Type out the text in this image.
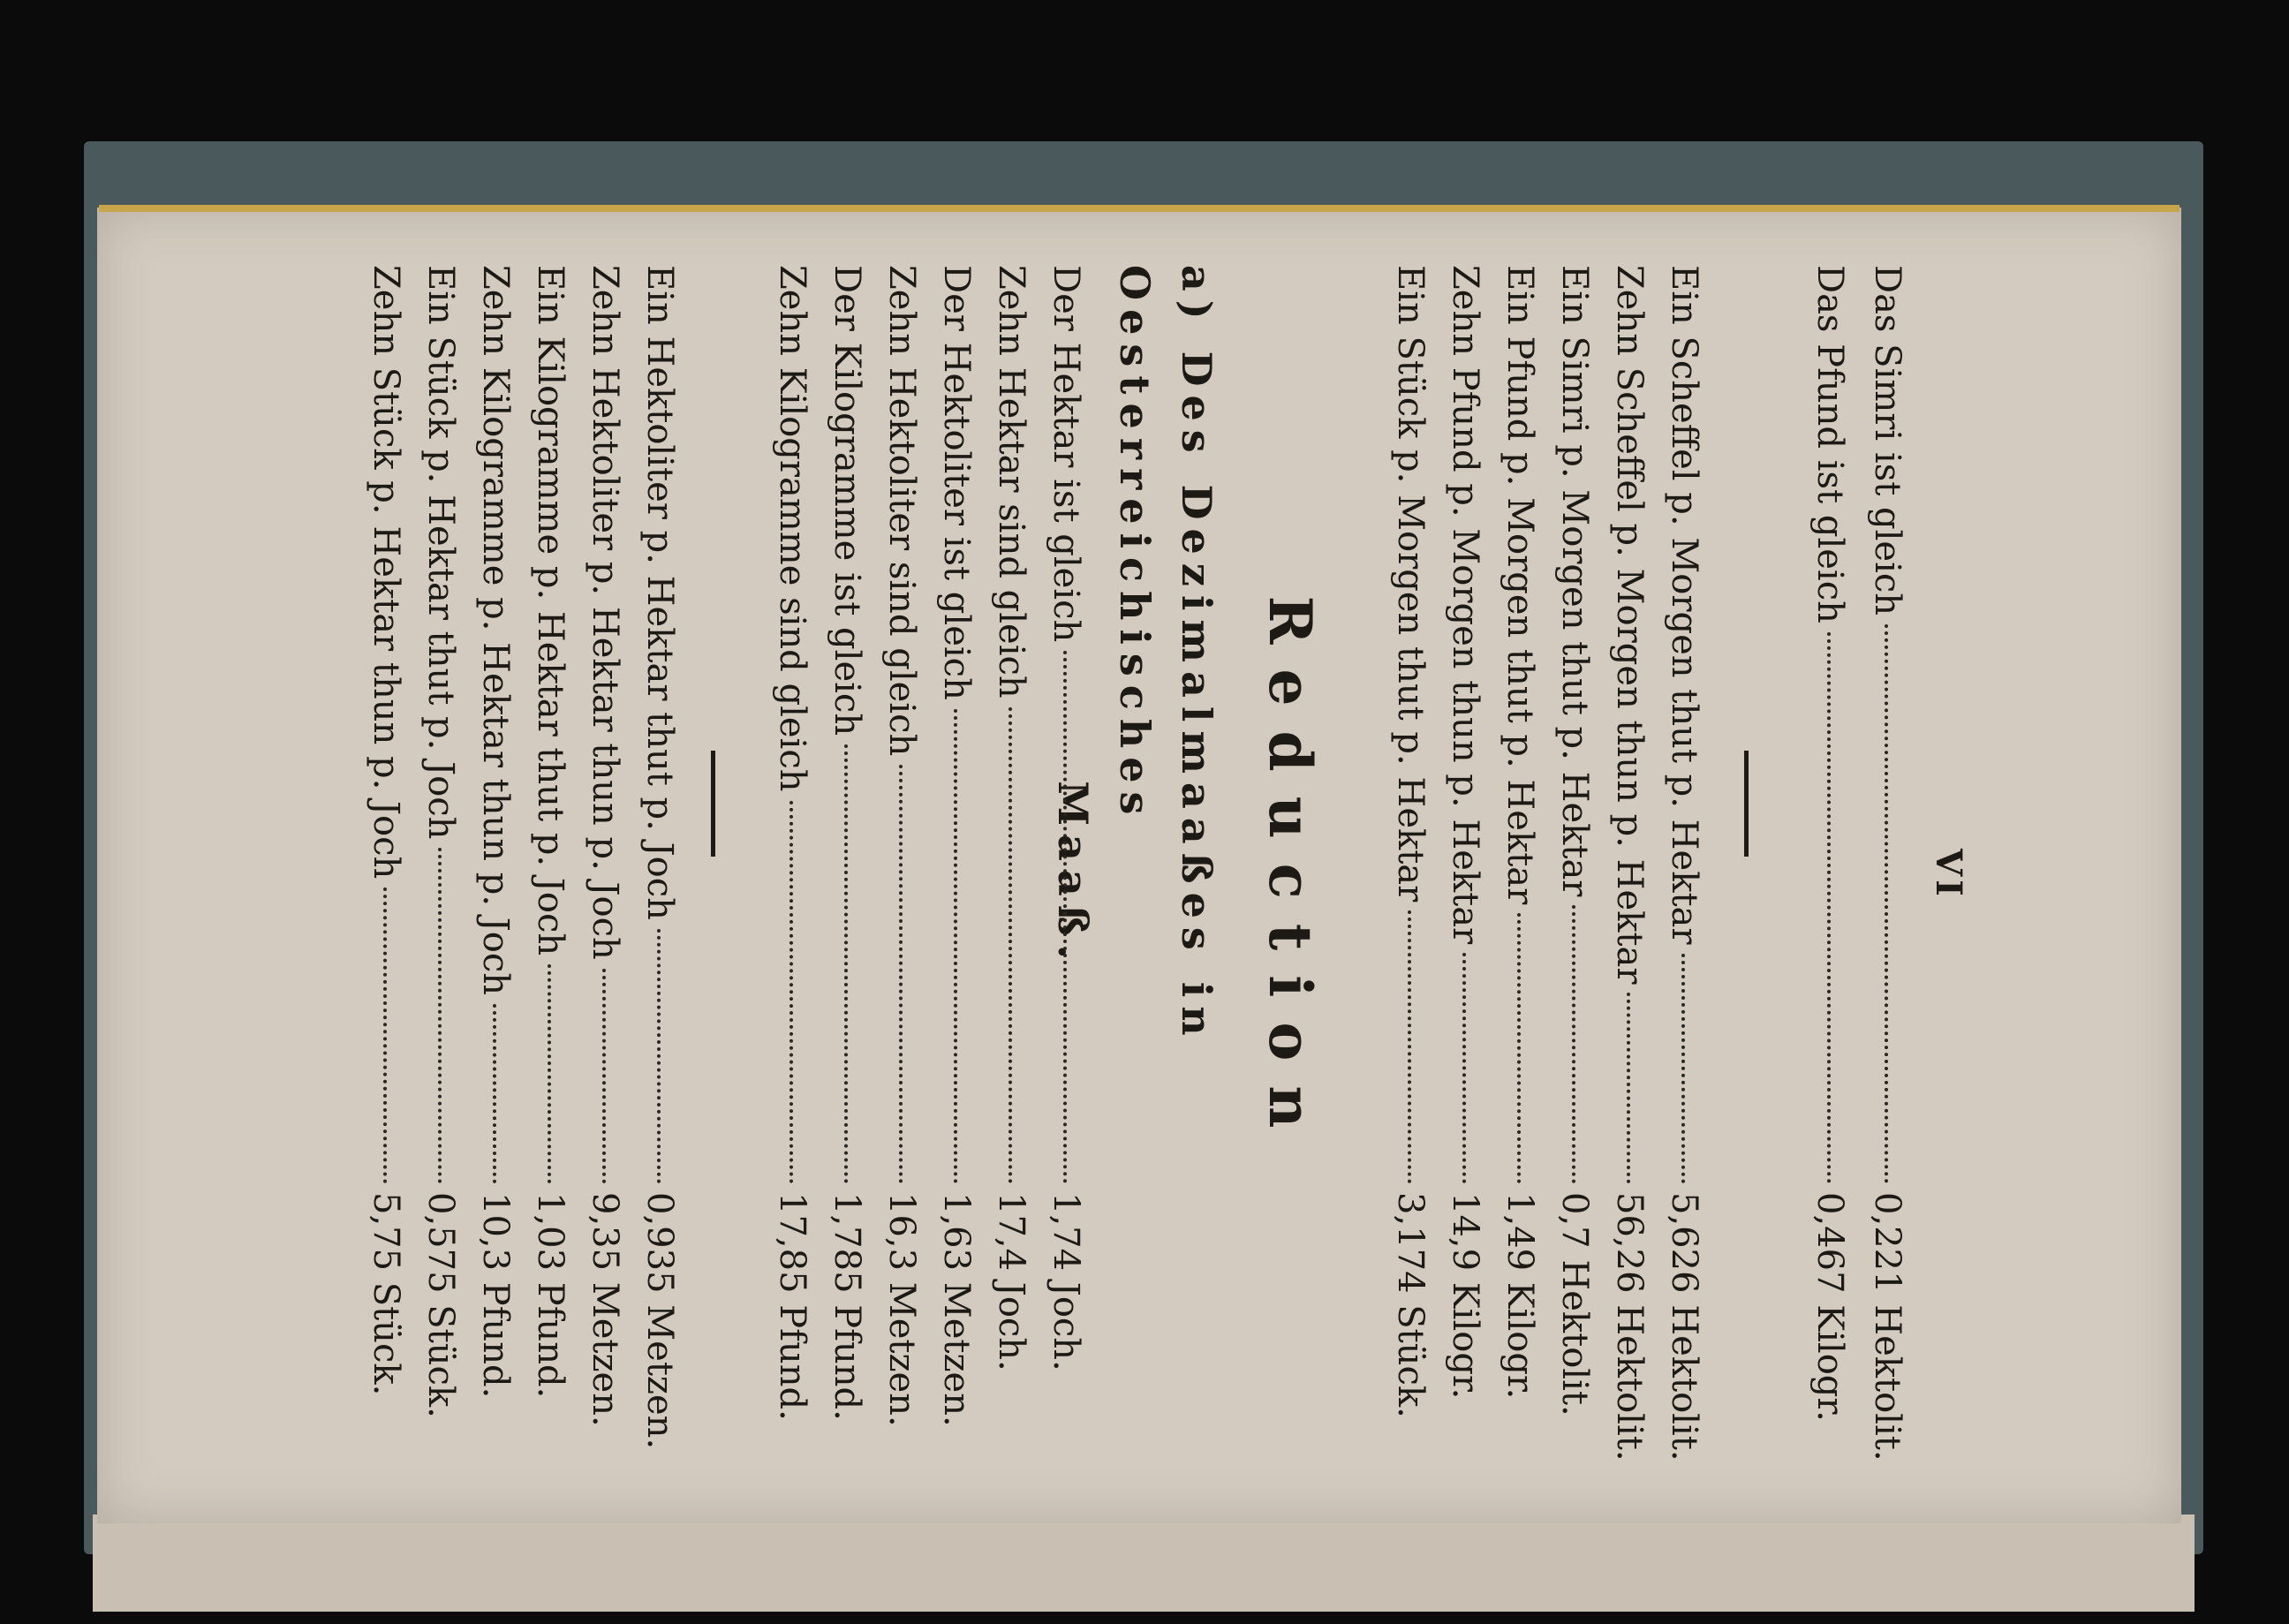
VI
Das Simri ist gleich
0,221 Hektolit.
Das Pfund ist gleich
0,467 Kilogr.
Ein Scheffel p. Morgen thut p. Hektar
5,626 Hektolit.
Zehn Scheffel p. Morgen thun p. Hektar
56,26 Hektolit.
Ein Simri p. Morgen thut p. Hektar
0,7 Hektolit.
Ein Pfund p. Morgen thut p. Hektar
1,49 Kilogr.
Zehn Pfund p. Morgen thun p. Hektar
14,9 Kilogr.
Ein Stück p. Morgen thut p. Hektar
3,174 Stück.
Reduction
a) Des Dezimalmaaßes in Oesterreichisches
Maaß.
Der Hektar ist gleich
1,74 Joch.
Zehn Hektar sind gleich
17,4 Joch.
Der Hektoliter ist gleich
1,63 Metzen.
Zehn Hektoliter sind gleich
16,3 Metzen.
Der Kilogramme ist gleich
1,785 Pfund.
Zehn Kilogramme sind gleich
17,85 Pfund.
Ein Hektoliter p. Hektar thut p. Joch
0,935 Metzen.
Zehn Hektoliter p. Hektar thun p. Joch
9,35 Metzen.
Ein Kilogramme p. Hektar thut p. Joch
1,03 Pfund.
Zehn Kilogramme p. Hektar thun p. Joch
10,3 Pfund.
Ein Stück p. Hektar thut p. Joch
0,575 Stück.
Zehn Stück p. Hektar thun p. Joch
5,75 Stück.
